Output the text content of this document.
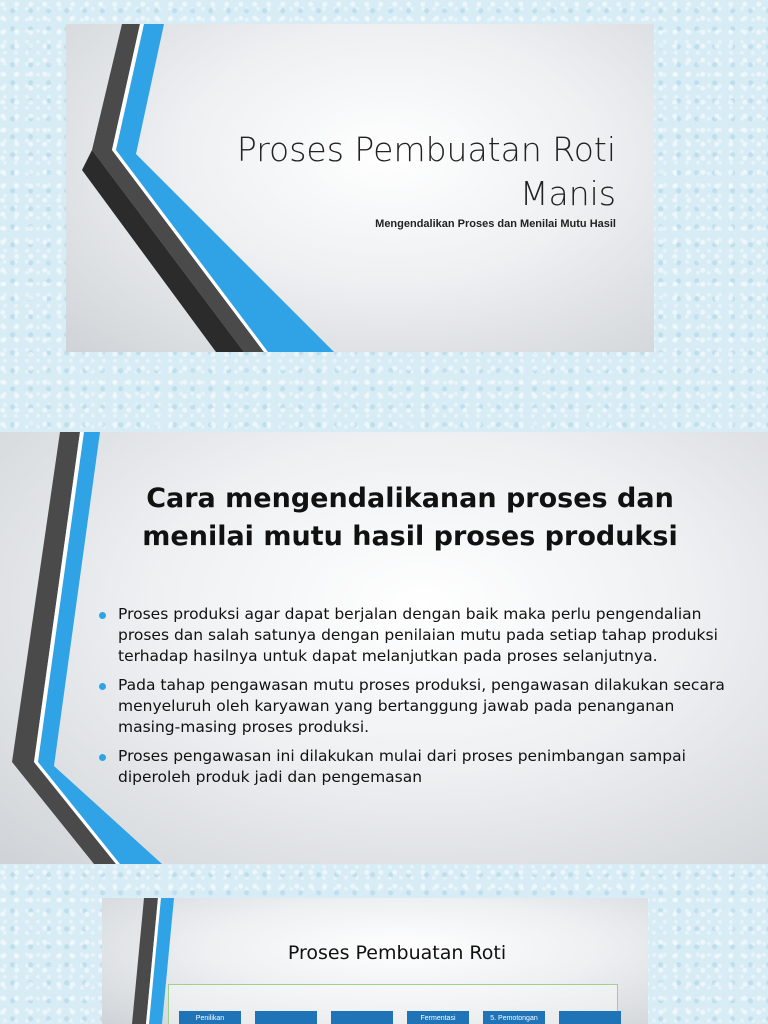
Proses Pembuatan Roti Manis
Mengendalikan Proses dan Menilai Mutu Hasil
Cara mengendalikanan proses dan menilai mutu hasil proses produksi
Proses produksi agar dapat berjalan dengan baik maka perlu pengendalian proses dan salah satunya dengan penilaian mutu pada setiap tahap produksi terhadap hasilnya untuk dapat melanjutkan pada proses selanjutnya.
Pada tahap pengawasan mutu proses produksi, pengawasan dilakukan secara menyeluruh oleh karyawan yang bertanggung jawab pada penanganan masing-masing proses produksi.
Proses pengawasan ini dilakukan mulai dari proses penimbangan sampai diperoleh produk jadi dan pengemasan
Proses Pembuatan Roti
Penilikan	Fermentasi	5. Pemotongan
